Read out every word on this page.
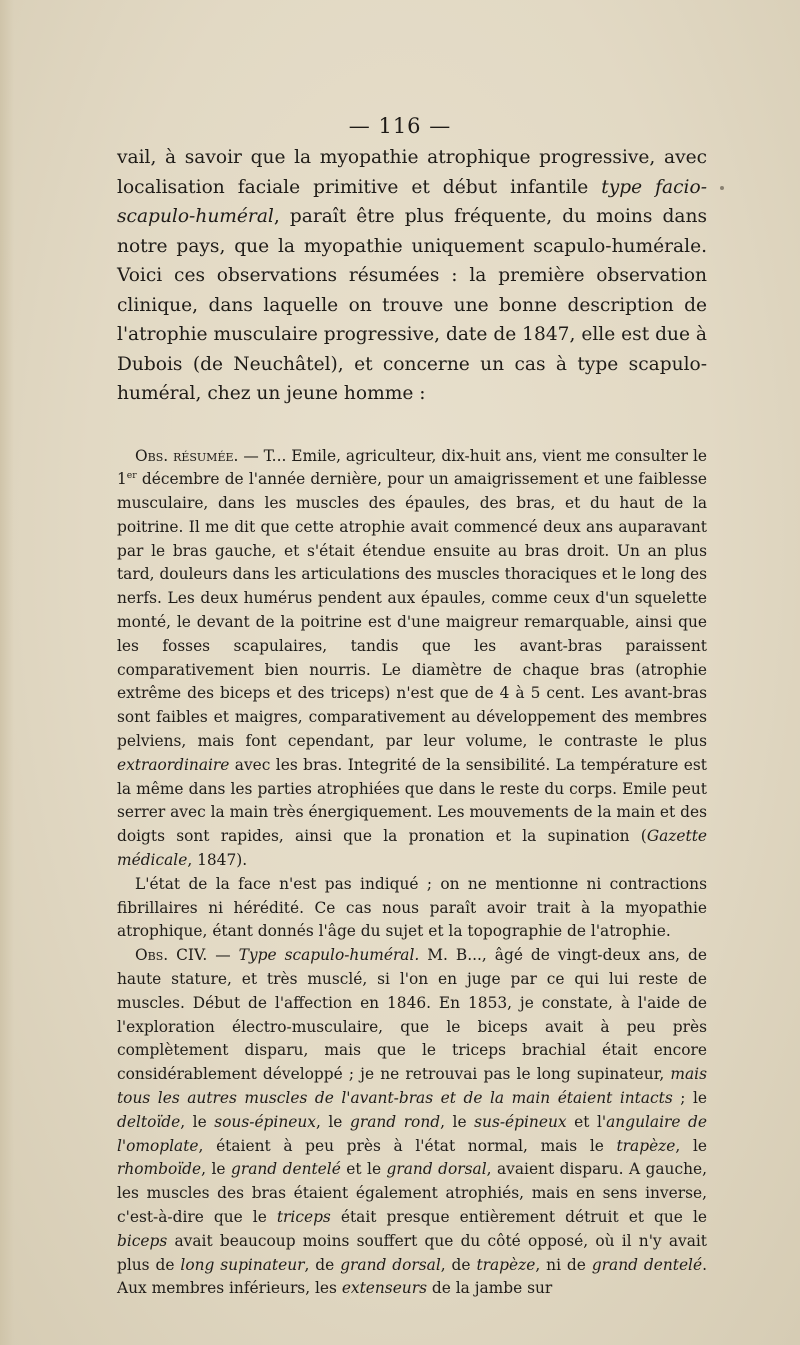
— 116 —

vail, à savoir que la myopathie atrophique progressive, avec localisation faciale primitive et début infantile type facio-scapulo-huméral, paraît être plus fréquente, du moins dans notre pays, que la myopathie uniquement scapulo-humérale. Voici ces observations résumées : la première observation clinique, dans laquelle on trouve une bonne description de l'atrophie musculaire progressive, date de 1847, elle est due à Dubois (de Neuchâtel), et concerne un cas à type scapulo-huméral, chez un jeune homme :

Obs. résumée. — T... Emile, agriculteur, dix-huit ans, vient me consulter le 1er décembre de l'année dernière, pour un amaigrissement et une faiblesse musculaire, dans les muscles des épaules, des bras, et du haut de la poitrine. Il me dit que cette atrophie avait commencé deux ans auparavant par le bras gauche, et s'était étendue ensuite au bras droit. Un an plus tard, douleurs dans les articulations des muscles thoraciques et le long des nerfs. Les deux humérus pendent aux épaules, comme ceux d'un squelette monté, le devant de la poitrine est d'une maigreur remarquable, ainsi que les fosses scapulaires, tandis que les avant-bras paraissent comparativement bien nourris. Le diamètre de chaque bras (atrophie extrême des biceps et des triceps) n'est que de 4 à 5 cent. Les avant-bras sont faibles et maigres, comparativement au développement des membres pelviens, mais font cependant, par leur volume, le contraste le plus extraordinaire avec les bras. Integrité de la sensibilité. La température est la même dans les parties atrophiées que dans le reste du corps. Emile peut serrer avec la main très énergiquement. Les mouvements de la main et des doigts sont rapides, ainsi que la pronation et la supination (Gazette médicale, 1847).

L'état de la face n'est pas indiqué ; on ne mentionne ni contractions fibrillaires ni hérédité. Ce cas nous paraît avoir trait à la myopathie atrophique, étant donnés l'âge du sujet et la topographie de l'atrophie.

Obs. CIV. — Type scapulo-huméral. M. B..., âgé de vingt-deux ans, de haute stature, et très musclé, si l'on en juge par ce qui lui reste de muscles. Début de l'affection en 1846. En 1853, je constate, à l'aide de l'exploration électro-musculaire, que le biceps avait à peu près complètement disparu, mais que le triceps brachial était encore considérablement développé ; je ne retrouvai pas le long supinateur, mais tous les autres muscles de l'avant-bras et de la main étaient intacts ; le deltoïde, le sous-épineux, le grand rond, le sus-épineux et l'angulaire de l'omoplate, étaient à peu près à l'état normal, mais le trapèze, le rhomboïde, le grand dentelé et le grand dorsal, avaient disparu. A gauche, les muscles des bras étaient également atrophiés, mais en sens inverse, c'est-à-dire que le triceps était presque entièrement détruit et que le biceps avait beaucoup moins souffert que du côté opposé, où il n'y avait plus de long supinateur, de grand dorsal, de trapèze, ni de grand dentelé. Aux membres inférieurs, les extenseurs de la jambe sur
